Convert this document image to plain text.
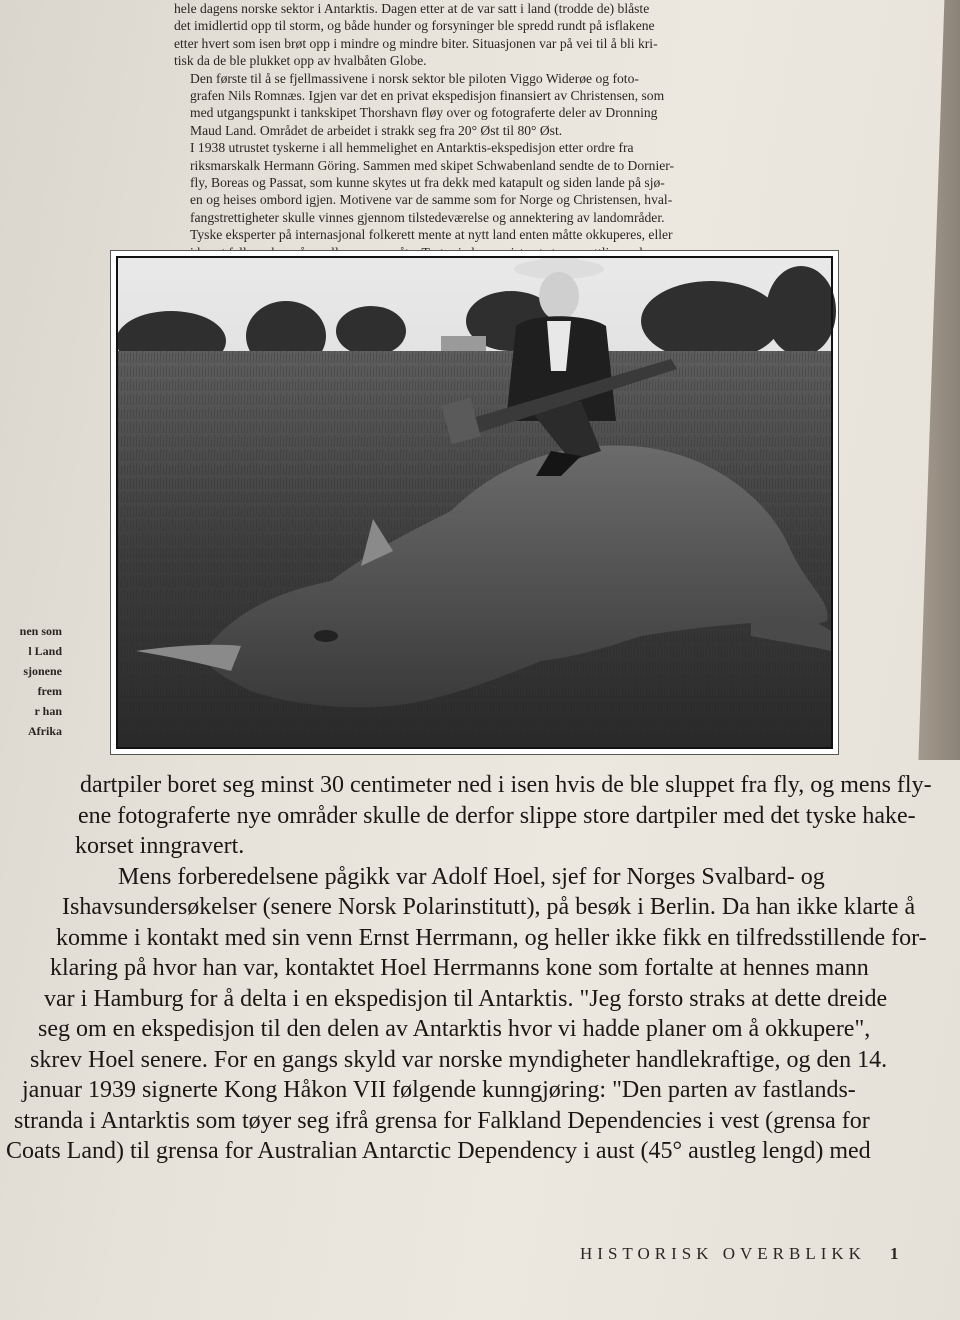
hele dagens norske sektor i Antarktis. Dagen etter at de var satt i land (trodde de) blåste
det imidlertid opp til storm, og både hunder og forsyninger ble spredd rundt på isflakene
etter hvert som isen brøt opp i mindre og mindre biter. Situasjonen var på vei til å bli kri-
tisk da de ble plukket opp av hvalbåten Globe.

Den første til å se fjellmassivene i norsk sektor ble piloten Viggo Widerøe og foto-
grafen Nils Romnæs. Igjen var det en privat ekspedisjon finansiert av Christensen, som
med utgangspunkt i tankskipet Thorshavn fløy over og fotograferte deler av Dronning
Maud Land. Området de arbeidet i strakk seg fra 20° Øst til 80° Øst.

I 1938 utrustet tyskerne i all hemmelighet en Antarktis-ekspedisjon etter ordre fra
riksmarskalk Hermann Göring. Sammen med skipet Schwabenland sendte de to Dornier-
fly, Boreas og Passat, som kunne skytes ut fra dekk med katapult og siden lande på sjø-
en og heises ombord igjen. Motivene var de samme som for Norge og Christensen, hval-
fangstrettigheter skulle vinnes gjennom tilstedeværelse og annektering av landområder.
Tyske eksperter på internasjonal folkerett mente at nytt land enten måtte okkuperes, eller

nen som
l Land
sjonene
frem
r han
Afrika
dartpiler boret seg minst 30 centimeter ned i isen hvis de ble sluppet fra fly, og mens fly-
ene fotograferte nye områder skulle de derfor slippe store dartpiler med det tyske hake-
korset inngravert.
Mens forberedelsene pågikk var Adolf Hoel, sjef for Norges Svalbard- og
Ishavsundersøkelser (senere Norsk Polarinstitutt), på besøk i Berlin. Da han ikke klarte å
komme i kontakt med sin venn Ernst Herrmann, og heller ikke fikk en tilfredsstillende for-
klaring på hvor han var, kontaktet Hoel Herrmanns kone som fortalte at hennes mann
var i Hamburg for å delta i en ekspedisjon til Antarktis. "Jeg forsto straks at dette dreide
seg om en ekspedisjon til den delen av Antarktis hvor vi hadde planer om å okkupere",
skrev Hoel senere. For en gangs skyld var norske myndigheter handlekraftige, og den 14.
januar 1939 signerte Kong Håkon VII følgende kunngjøring: "Den parten av fastlands-
stranda i Antarktis som tøyer seg ifrå grensa for Falkland Dependencies i vest (grensa for
Coats Land) til grensa for Australian Antarctic Dependency i aust (45° austleg lengd) med
HISTORISK OVERBLIKK 1
